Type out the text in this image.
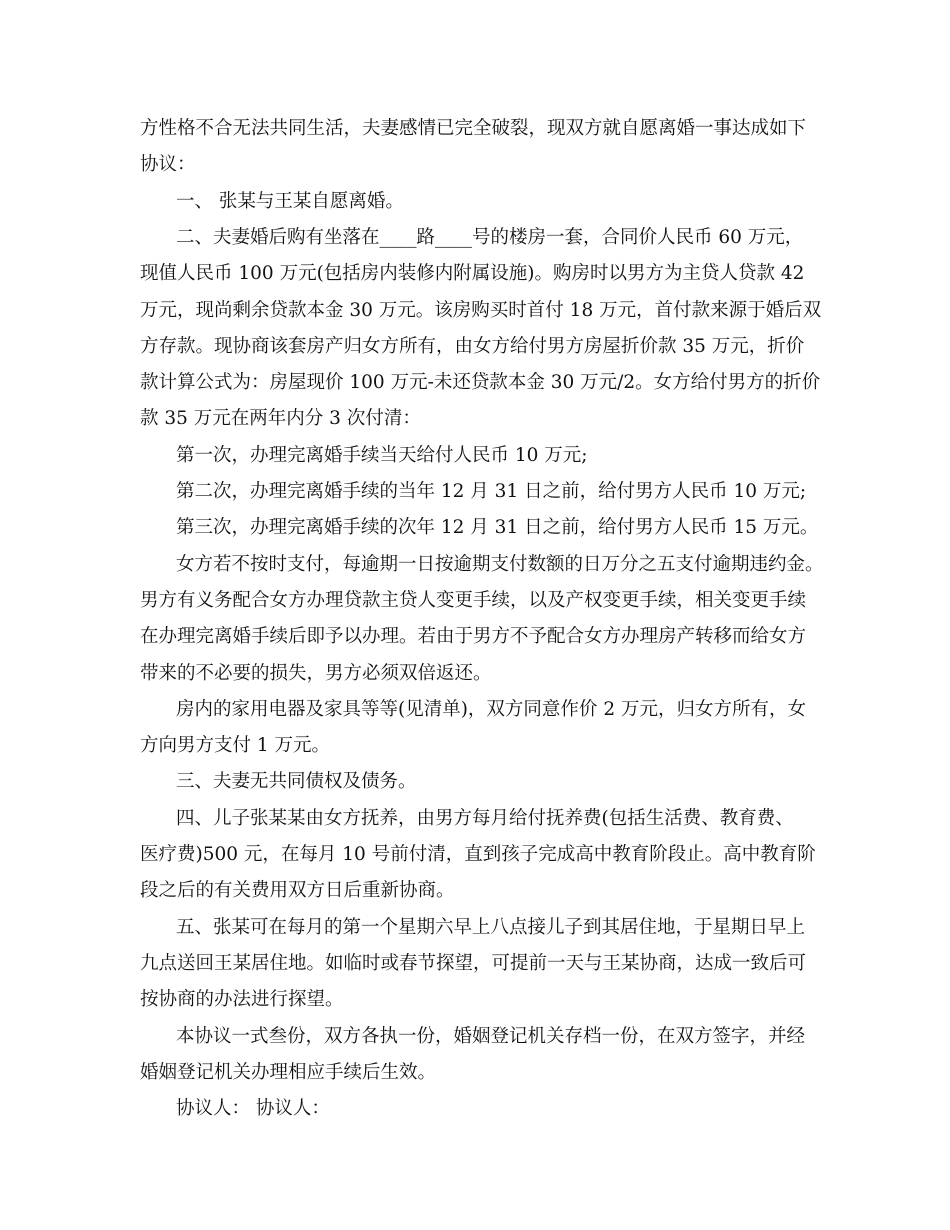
方性格不合无法共同生活，夫妻感情已完全破裂，现双方就自愿离婚一事达成如下
协议：
一、 张某与王某自愿离婚。
二、夫妻婚后购有坐落在____路____号的楼房一套，合同价人民币 60 万元，
现值人民币 100 万元(包括房内装修内附属设施)。购房时以男方为主贷人贷款 42
万元，现尚剩余贷款本金 30 万元。该房购买时首付 18 万元，首付款来源于婚后双
方存款。现协商该套房产归女方所有，由女方给付男方房屋折价款 35 万元，折价
款计算公式为：房屋现价 100 万元-未还贷款本金 30 万元/2。女方给付男方的折价
款 35 万元在两年内分 3 次付清：
第一次，办理完离婚手续当天给付人民币 10 万元;
第二次，办理完离婚手续的当年 12 月 31 日之前，给付男方人民币 10 万元;
第三次，办理完离婚手续的次年 12 月 31 日之前，给付男方人民币 15 万元。
女方若不按时支付，每逾期一日按逾期支付数额的日万分之五支付逾期违约金。
男方有义务配合女方办理贷款主贷人变更手续，以及产权变更手续，相关变更手续
在办理完离婚手续后即予以办理。若由于男方不予配合女方办理房产转移而给女方
带来的不必要的损失，男方必须双倍返还。
房内的家用电器及家具等等(见清单)，双方同意作价 2 万元，归女方所有，女
方向男方支付 1 万元。
三、夫妻无共同债权及债务。
四、儿子张某某由女方抚养，由男方每月给付抚养费(包括生活费、教育费、
医疗费)500 元，在每月 10 号前付清，直到孩子完成高中教育阶段止。高中教育阶
段之后的有关费用双方日后重新协商。
五、张某可在每月的第一个星期六早上八点接儿子到其居住地，于星期日早上
九点送回王某居住地。如临时或春节探望，可提前一天与王某协商，达成一致后可
按协商的办法进行探望。
本协议一式叁份，双方各执一份，婚姻登记机关存档一份，在双方签字，并经
婚姻登记机关办理相应手续后生效。
协议人： 协议人：
